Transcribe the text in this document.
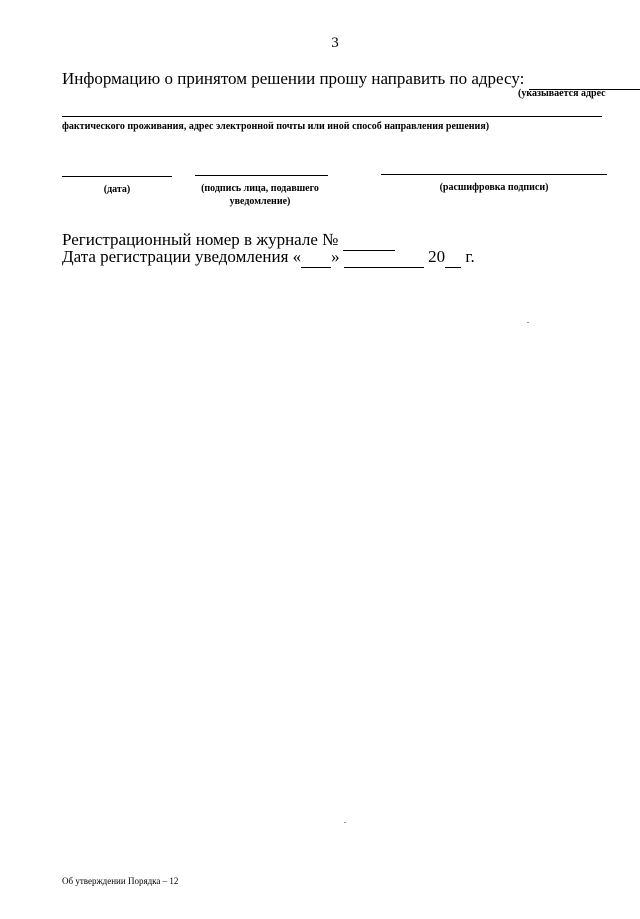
3
Информацию о принятом решении прошу направить по адресу:
(указывается адрес
фактического проживания, адрес электронной почты или иной способ направления решения)
(дата)	(подпись лица, подавшего
уведомление)
(расшифровка подписи)
Регистрационный номер в журнале №
Дата регистрации уведомления « »	20 г.
Об утверждении Порядка – 12
